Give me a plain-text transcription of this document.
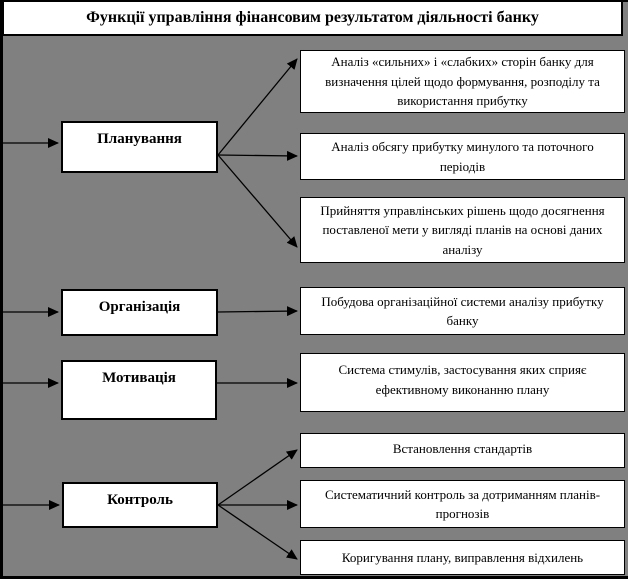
Функції управління фінансовим результатом діяльності банку
Планування
Організація
Мотивація
Контроль
Аналіз «сильних» і «слабких» сторін банку для визначення цілей щодо формування, розподілу та використання прибутку
Аналіз обсягу прибутку минулого та поточного періодів
Прийняття управлінських рішень щодо досягнення поставленої мети у вигляді планів на основі даних аналізу
Побудова організаційної системи аналізу прибутку банку
Система стимулів, застосування яких сприяє ефективному виконанню плану
Встановлення стандартів
Систематичний контроль за дотриманням планів-прогнозів
Коригування плану, виправлення відхилень
